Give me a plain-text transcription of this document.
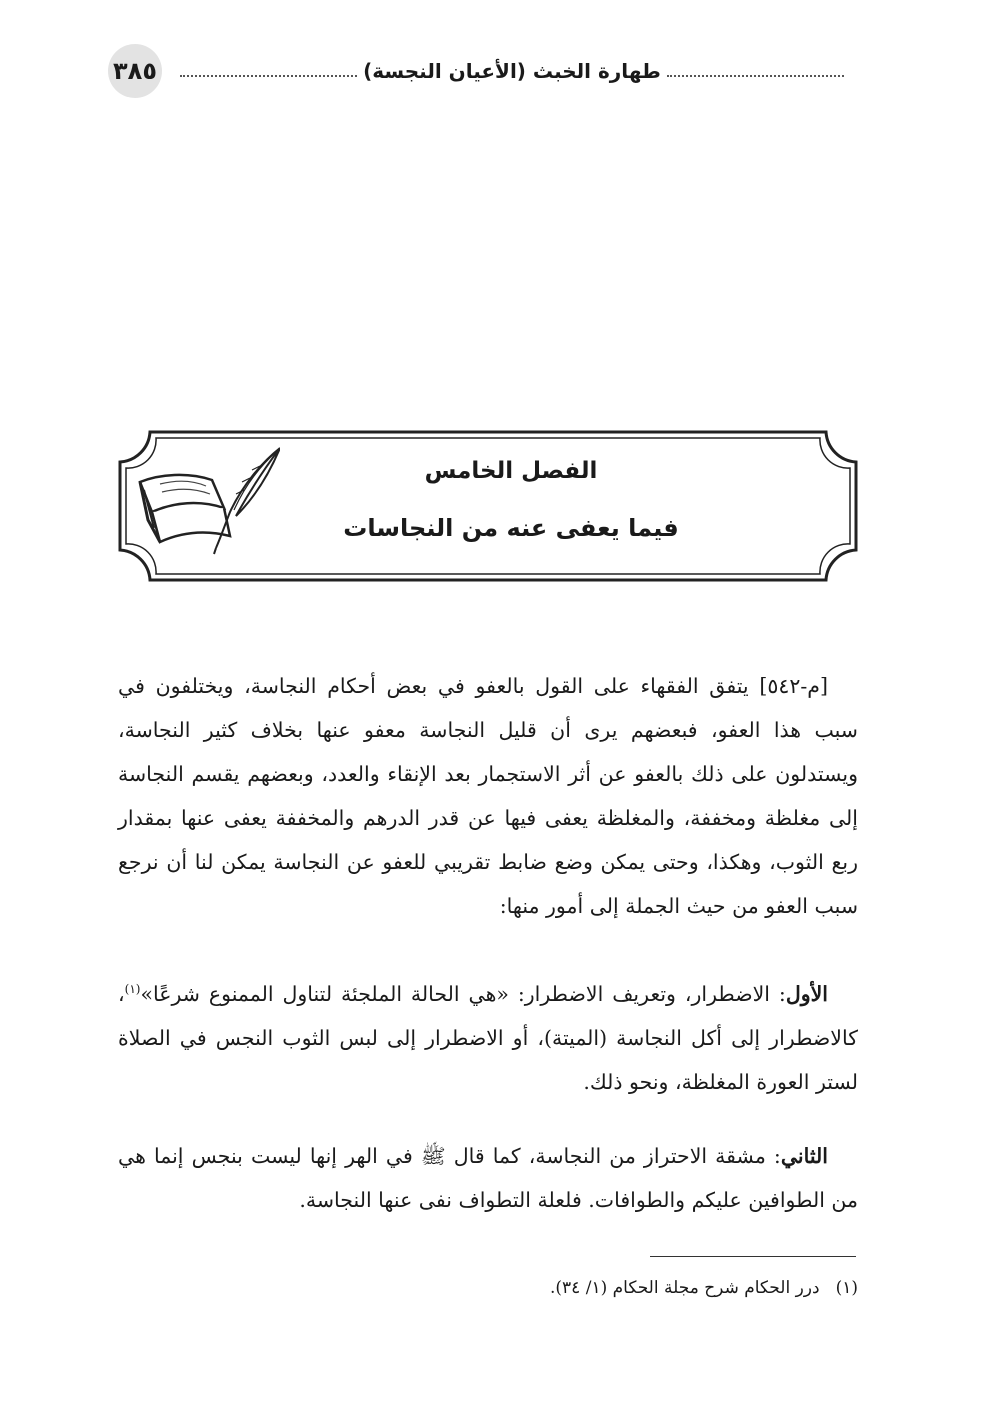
٣٨٥	طهارة الخبث (الأعيان النجسة)
الفصل الخامس
فيما يعفى عنه من النجاسات

[م-٥٤٢] يتفق الفقهاء على القول بالعفو في بعض أحكام النجاسة، ويختلفون في سبب هذا العفو، فبعضهم يرى أن قليل النجاسة معفو عنها بخلاف كثير النجاسة، ويستدلون على ذلك بالعفو عن أثر الاستجمار بعد الإنقاء والعدد، وبعضهم يقسم النجاسة إلى مغلظة ومخففة، والمغلظة يعفى فيها عن قدر الدرهم والمخففة يعفى عنها بمقدار ربع الثوب، وهكذا، وحتى يمكن وضع ضابط تقريبي للعفو عن النجاسة يمكن لنا أن نرجع سبب العفو من حيث الجملة إلى أمور منها:

الأول: الاضطرار، وتعريف الاضطرار: «هي الحالة الملجئة لتناول الممنوع شرعًا»$^{(١)}$، كالاضطرار إلى أكل النجاسة (الميتة)، أو الاضطرار إلى لبس الثوب النجس في الصلاة لستر العورة المغلظة، ونحو ذلك.

الثاني: مشقة الاحتراز من النجاسة، كما قال ﷺ في الهر إنها ليست بنجس إنما هي من الطوافين عليكم والطوافات. فلعلة التطواف نفى عنها النجاسة.

(١)درر الحكام شرح مجلة الحكام (١/ ٣٤).
